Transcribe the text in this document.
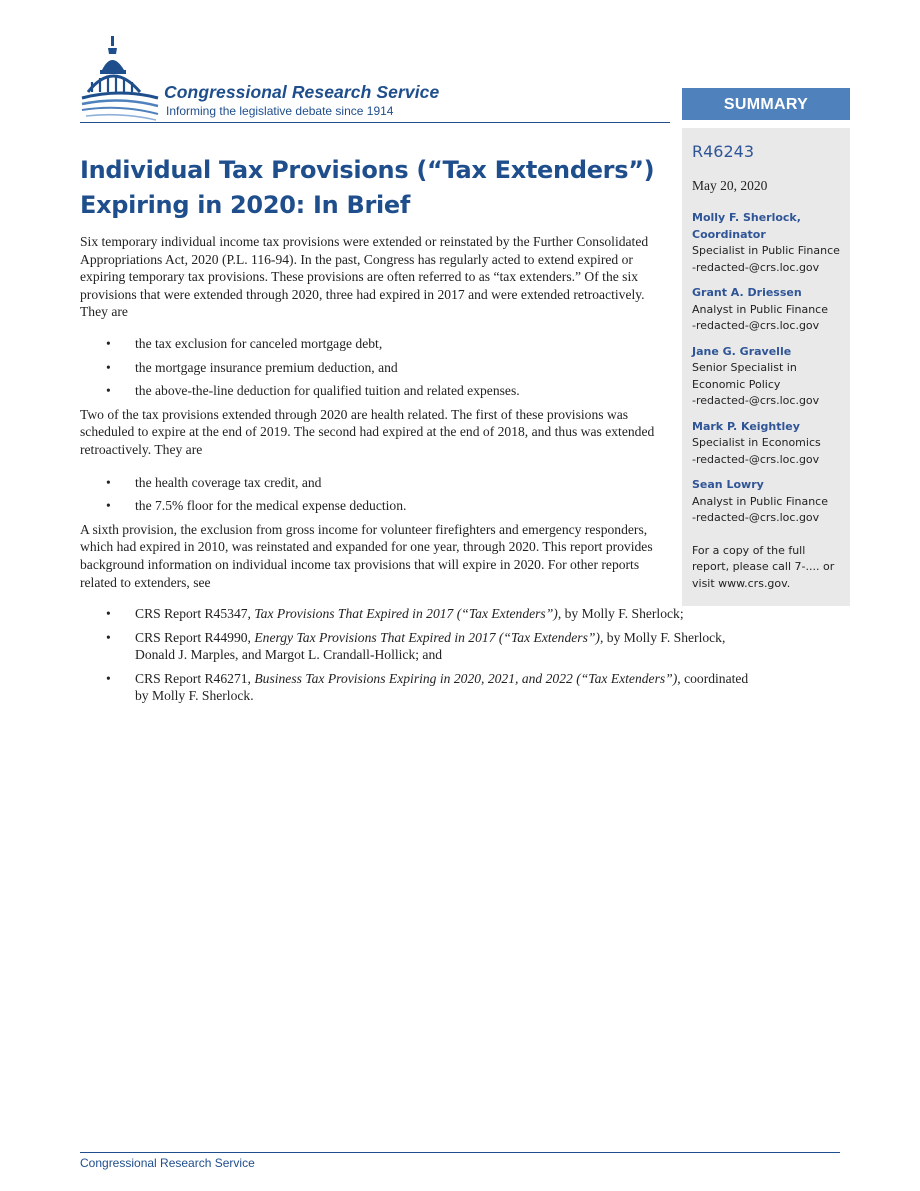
Congressional Research Service
Informing the legislative debate since 1914	SUMMARY
R46243
May 20, 2020
Molly F. Sherlock, Coordinator
Specialist in Public Finance
-redacted-@crs.loc.gov
Grant A. Driessen
Analyst in Public Finance
-redacted-@crs.loc.gov
Jane G. Gravelle
Senior Specialist in Economic Policy
-redacted-@crs.loc.gov
Mark P. Keightley
Specialist in Economics
-redacted-@crs.loc.gov
Sean Lowry
Analyst in Public Finance
-redacted-@crs.loc.gov
For a copy of the full report, please call 7-.... or visit www.crs.gov.
Individual Tax Provisions (“Tax Extenders”) Expiring in 2020: In Brief

Six temporary individual income tax provisions were extended or reinstated by the Further Consolidated Appropriations Act, 2020 (P.L. 116-94). In the past, Congress has regularly acted to extend expired or expiring temporary tax provisions. These provisions are often referred to as “tax extenders.” Of the six provisions that were extended through 2020, three had expired in 2017 and were extended retroactively. They are

• the tax exclusion for canceled mortgage debt,
• the mortgage insurance premium deduction, and
• the above-the-line deduction for qualified tuition and related expenses.

Two of the tax provisions extended through 2020 are health related. The first of these provisions was scheduled to expire at the end of 2019. The second had expired at the end of 2018, and thus was extended retroactively. They are

• the health coverage tax credit, and
• the 7.5% floor for the medical expense deduction.

A sixth provision, the exclusion from gross income for volunteer firefighters and emergency responders, which had expired in 2010, was reinstated and expanded for one year, through 2020. This report provides background information on individual income tax provisions that will expire in 2020. For other reports related to extenders, see

• CRS Report R45347, Tax Provisions That Expired in 2017 (“Tax Extenders”), by Molly F. Sherlock;
• CRS Report R44990, Energy Tax Provisions That Expired in 2017 (“Tax Extenders”), by Molly F. Sherlock, Donald J. Marples, and Margot L. Crandall-Hollick; and
• CRS Report R46271, Business Tax Provisions Expiring in 2020, 2021, and 2022 (“Tax Extenders”), coordinated by Molly F. Sherlock.
Congressional Research Service
